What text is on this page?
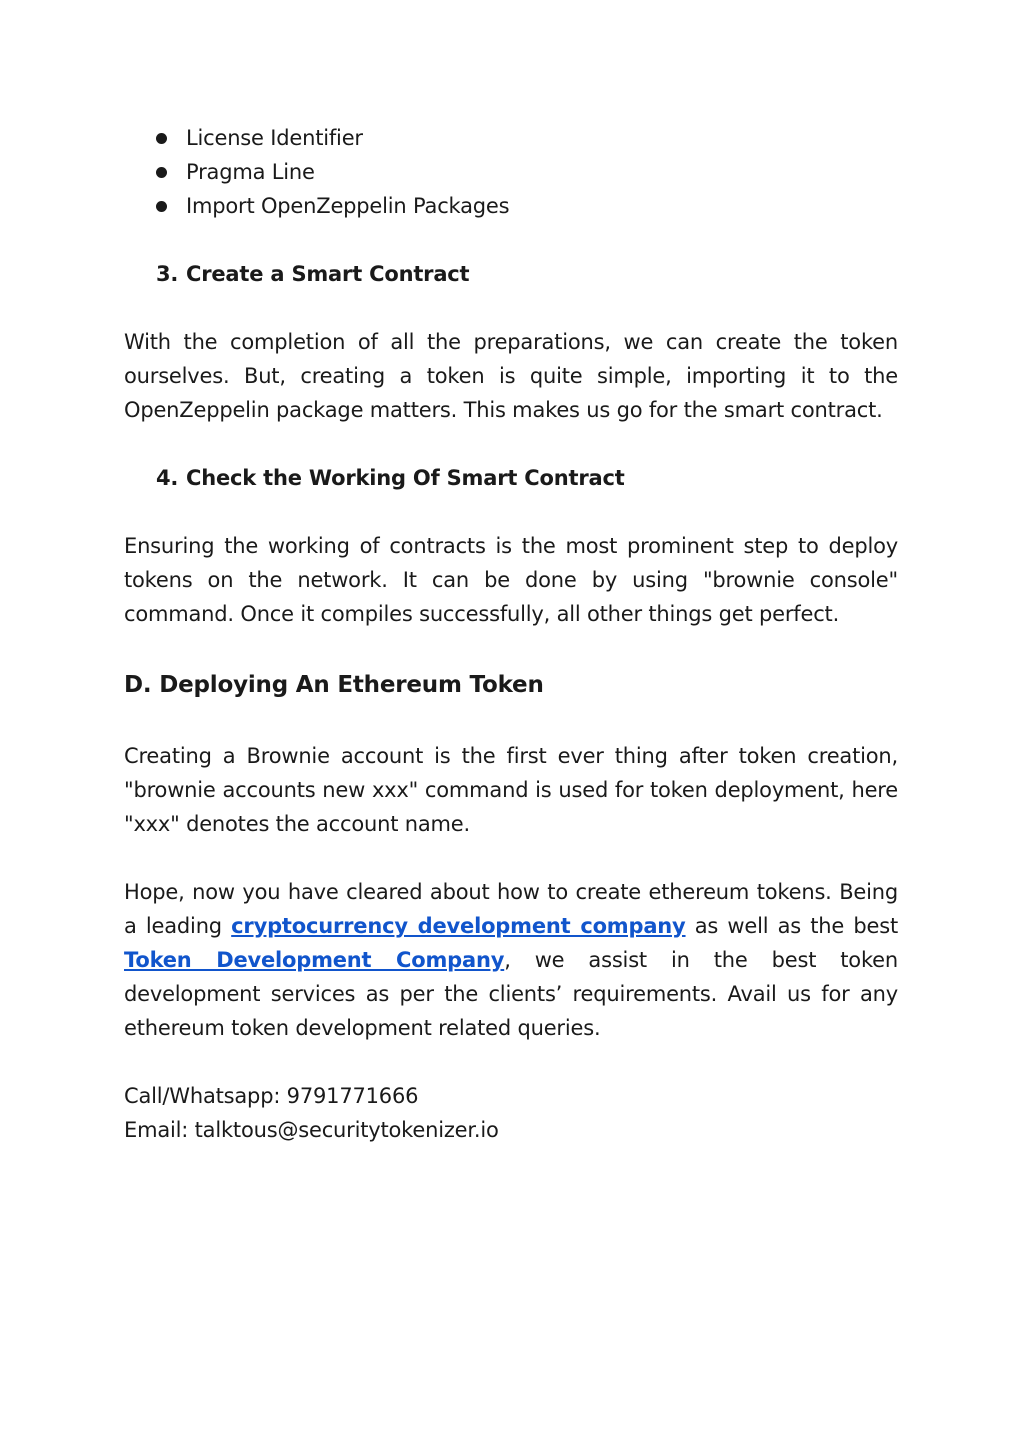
License Identifier
Pragma Line
Import OpenZeppelin Packages
3. Create a Smart Contract

With the completion of all the preparations, we can create the token ourselves. But, creating a token is quite simple, importing it to the OpenZeppelin package matters. This makes us go for the smart contract.

4. Check the Working Of Smart Contract

Ensuring the working of contracts is the most prominent step to deploy tokens on the network. It can be done by using "brownie console" command. Once it compiles successfully, all other things get perfect.

D. Deploying An Ethereum Token

Creating a Brownie account is the first ever thing after token creation, "brownie accounts new xxx" command is used for token deployment, here "xxx" denotes the account name.

Hope, now you have cleared about how to create ethereum tokens. Being a leading cryptocurrency development company as well as the best Token Development Company, we assist in the best token development services as per the clients’ requirements. Avail us for any ethereum token development related queries.

Call/Whatsapp: 9791771666
Email: talktous@securitytokenizer.io
